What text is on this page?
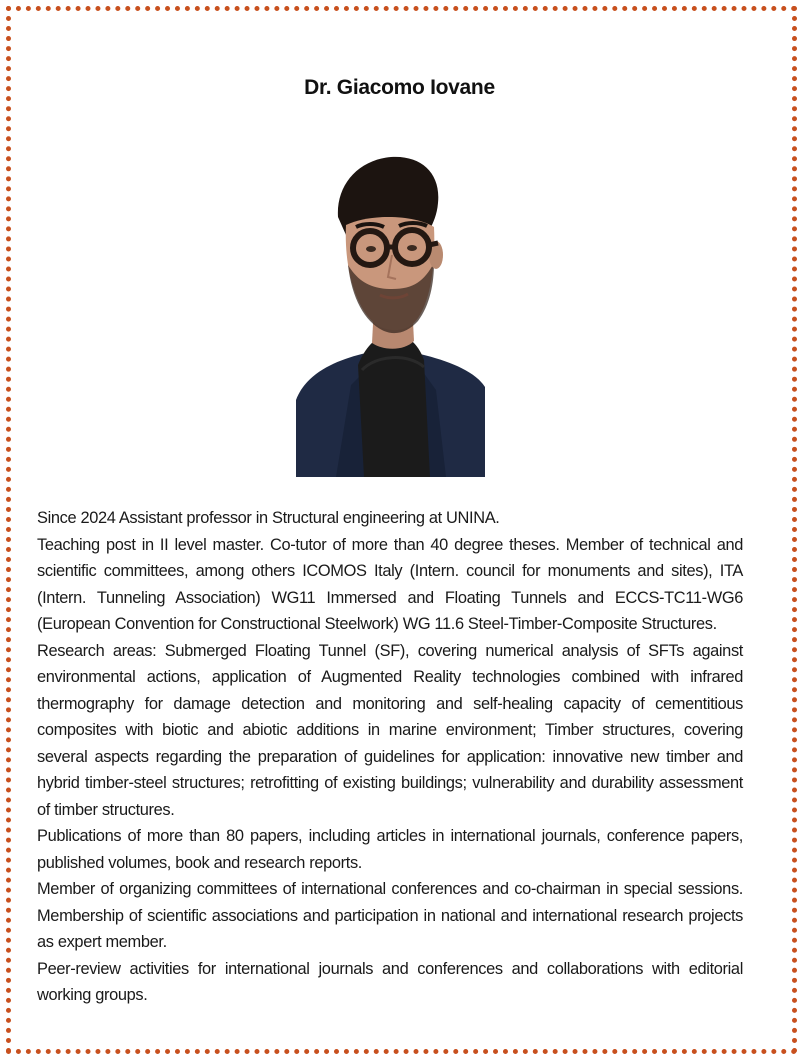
Dr. Giacomo Iovane

Since 2024 Assistant professor in Structural engineering at UNINA.

Teaching post in II level master. Co-tutor of more than 40 degree theses. Member of technical and scientific committees, among others ICOMOS Italy (Intern. council for monuments and sites), ITA (Intern. Tunneling Association) WG11 Immersed and Floating Tunnels and ECCS-TC11-WG6 (European Convention for Constructional Steelwork) WG 11.6 Steel-Timber-Composite Structures.

Research areas: Submerged Floating Tunnel (SF), covering numerical analysis of SFTs against environmental actions, application of Augmented Reality technologies combined with infrared thermography for damage detection and monitoring and self-healing capacity of cementitious composites with biotic and abiotic additions in marine environment; Timber structures, covering several aspects regarding the preparation of guidelines for application: innovative new timber and hybrid timber-steel structures; retrofitting of existing buildings; vulnerability and durability assessment of timber structures.

Publications of more than 80 papers, including articles in international journals, conference papers, published volumes, book and research reports.

Member of organizing committees of international conferences and co-chairman in special sessions. Membership of scientific associations and participation in national and international research projects as expert member.

Peer-review activities for international journals and conferences and collaborations with editorial working groups.
